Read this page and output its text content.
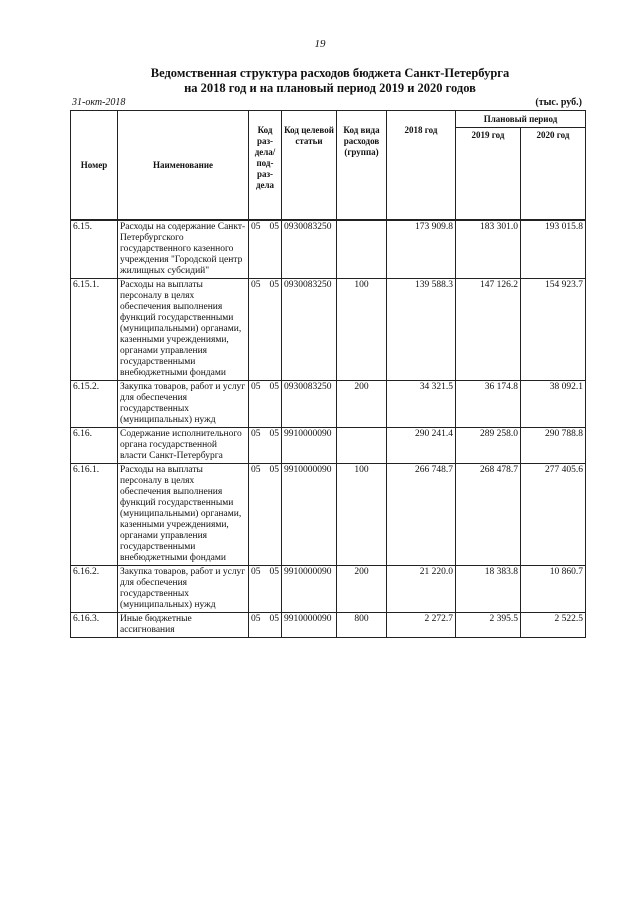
19
Ведомственная структура расходов бюджета Санкт-Петербурга
на 2018 год и на плановый период 2019 и 2020 годов
31-окт-2018	(тыс. руб.)
Номер	Наименование	Код раз-дела/ под-раз-дела		Код целевой статьи	Код вида расходов (группа)	2018 год	Плановый период	
							2019 год	2020 год

6.15.	Расходы на содержание Санкт-Петербургского государственного казенного учреждения "Городской центр жилищных субсидий"	05	05	0930083250		173 909.8	183 301.0	193 015.8
6.15.1.	Расходы на выплаты персоналу в целях обеспечения выполнения функций государственными (муниципальными) органами, казенными учреждениями, органами управления государственными внебюджетными фондами	05	05	0930083250	100	139 588.3	147 126.2	154 923.7
6.15.2.	Закупка товаров, работ и услуг для обеспечения государственных (муниципальных) нужд	05	05	0930083250	200	34 321.5	36 174.8	38 092.1
6.16.	Содержание исполнительного органа государственной власти Санкт-Петербурга	05	05	9910000090		290 241.4	289 258.0	290 788.8
6.16.1.	Расходы на выплаты персоналу в целях обеспечения выполнения функций государственными (муниципальными) органами, казенными учреждениями, органами управления государственными внебюджетными фондами	05	05	9910000090	100	266 748.7	268 478.7	277 405.6
6.16.2.	Закупка товаров, работ и услуг для обеспечения государственных (муниципальных) нужд	05	05	9910000090	200	21 220.0	18 383.8	10 860.7
6.16.3.	Иные бюджетные ассигнования	05	05	9910000090	800	2 272.7	2 395.5	2 522.5
